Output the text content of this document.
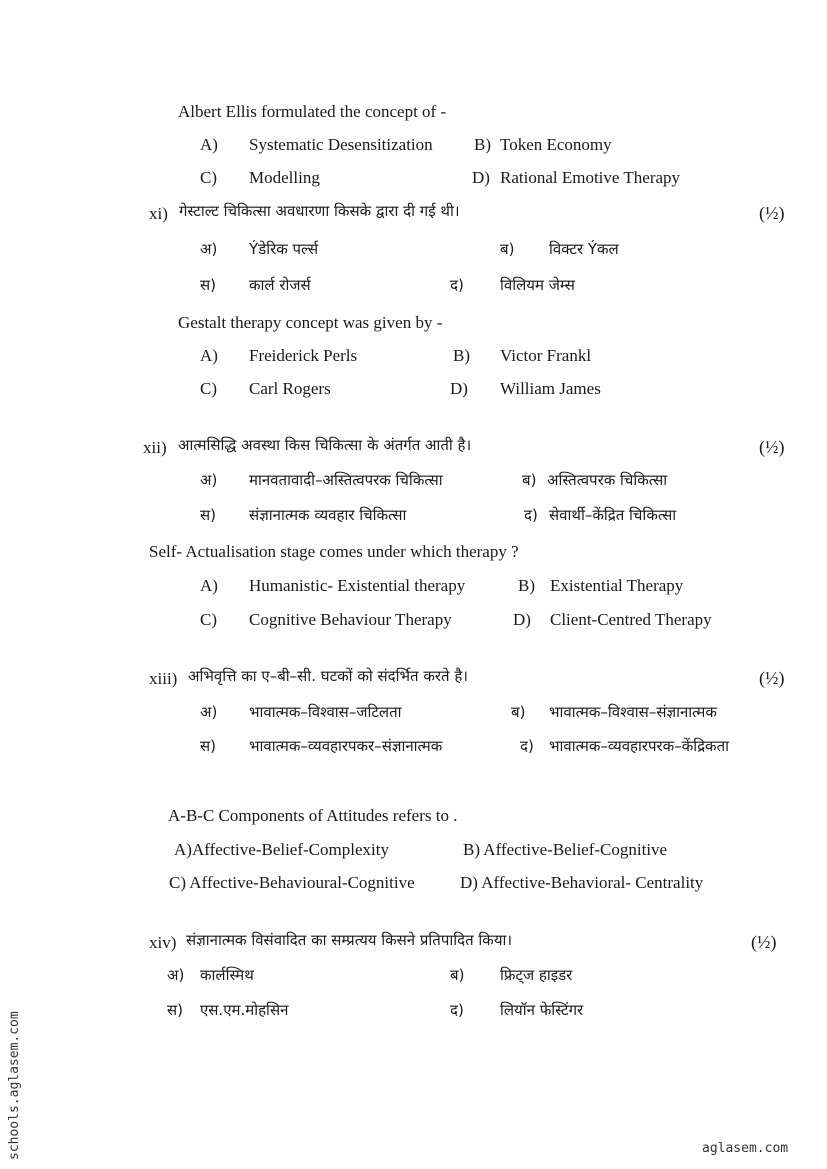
Albert Ellis formulated the concept of -
A) Systematic Desensitization B) Token Economy
C) Modelling	D) Rational Emotive Therapy
xi) गेस्टाल्ट चिकित्सा अवधारणा किसके द्वारा दी गई थी।	(½)
अ) Ýडेरिक पर्ल्स	ब) विक्टर Ýकल
स) कार्ल रोजर्स	द) विलियम जेम्स
Gestalt therapy concept was given by -
A) Freiderick Perls	B) Victor Frankl
C) Carl Rogers	D) William James
xii) आत्मसिद्धि अवस्था किस चिकित्सा के अंतर्गत आती है।	(½)
अ) मानवतावादी–अस्तित्वपरक चिकित्सा	ब) अस्तित्वपरक चिकित्सा
स) संज्ञानात्मक व्यवहार चिकित्सा	द) सेवार्थी–केंद्रित चिकित्सा
Self- Actualisation stage comes under which therapy ?
A) Humanistic- Existential therapy	B) Existential Therapy
C) Cognitive Behaviour Therapy	D) Client-Centred Therapy
xiii) अभिवृत्ति का ए–बी–सी. घटकों को संदर्भित करते है।	(½)
अ) भावात्मक–विश्वास–जटिलता	ब) भावात्मक–विश्वास–संज्ञानात्मक
स) भावात्मक–व्यवहारपकर–संज्ञानात्मक	द) भावात्मक–व्यवहारपरक–केंद्रिकता
A-B-C Components of Attitudes refers to .
A)Affective-Belief-Complexity	B) Affective-Belief-Cognitive
C) Affective-Behavioural-Cognitive	D) Affective-Behavioral- Centrality
xiv) संज्ञानात्मक विसंवादित का सम्प्रत्यय किसने प्रतिपादित किया।	(½)
अ) कार्लस्मिथ	ब) फ्रिट्ज हाइडर
स) एस.एम.मोहसिन	द) लियॉन फेस्टिंगर
schools.aglasem.com	aglasem.com
